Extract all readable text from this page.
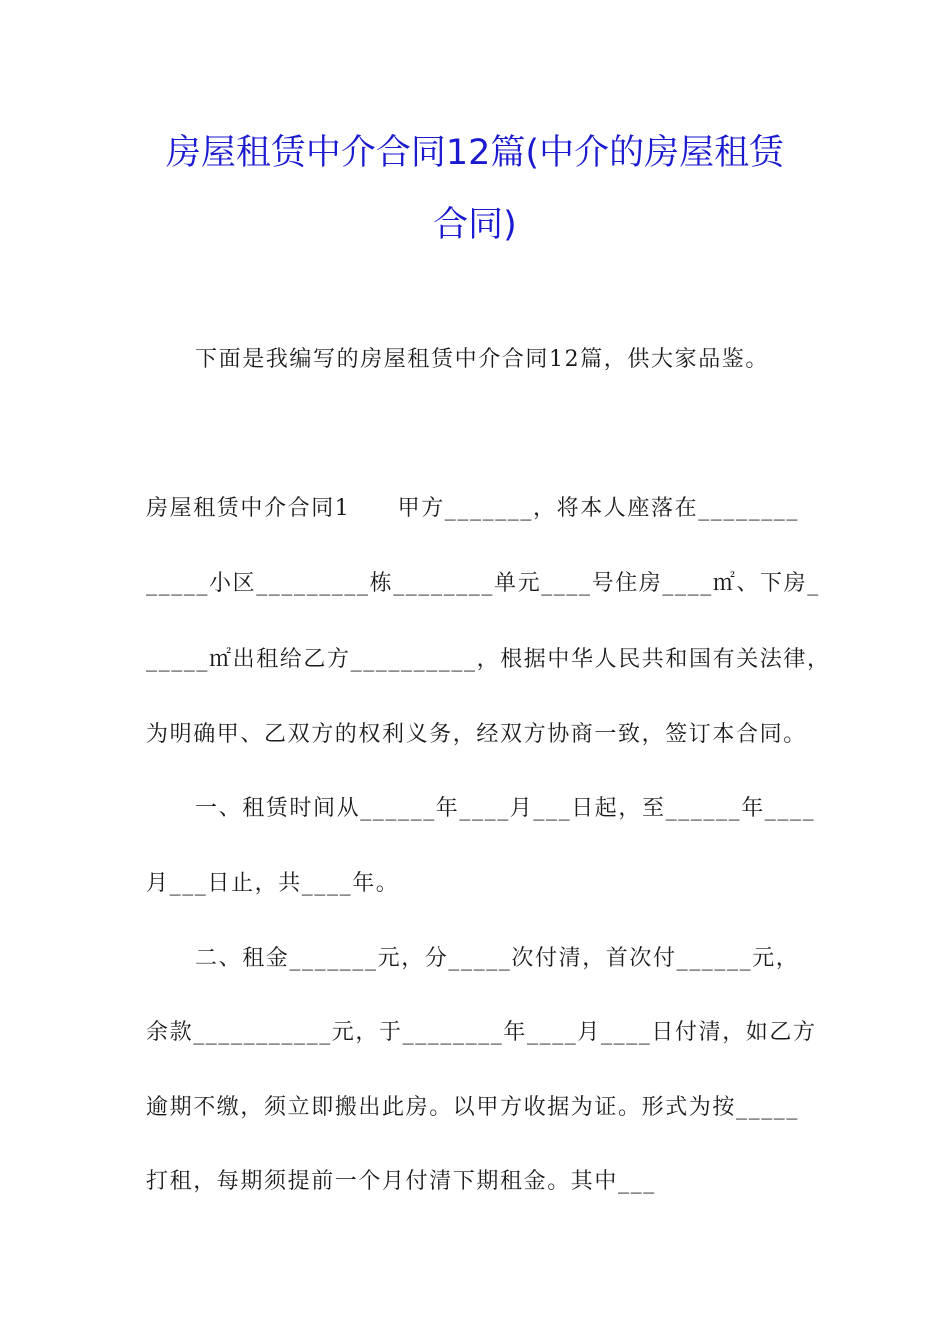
房屋租赁中介合同12篇(中介的房屋租赁
合同)

下面是我编写的房屋租赁中介合同12篇，供大家品鉴。

房屋租赁中介合同1　　甲方_______，将本人座落在________

_____小区_________栋________单元____号住房____㎡、下房_

_____㎡出租给乙方__________，根据中华人民共和国有关法律，

为明确甲、乙双方的权利义务，经双方协商一致，签订本合同。

一、租赁时间从______年____月___日起，至______年____

月___日止，共____年。

二、租金_______元，分_____次付清，首次付______元，

余款___________元，于________年____月____日付清，如乙方

逾期不缴，须立即搬出此房。以甲方收据为证。形式为按_____

打租，每期须提前一个月付清下期租金。其中___
